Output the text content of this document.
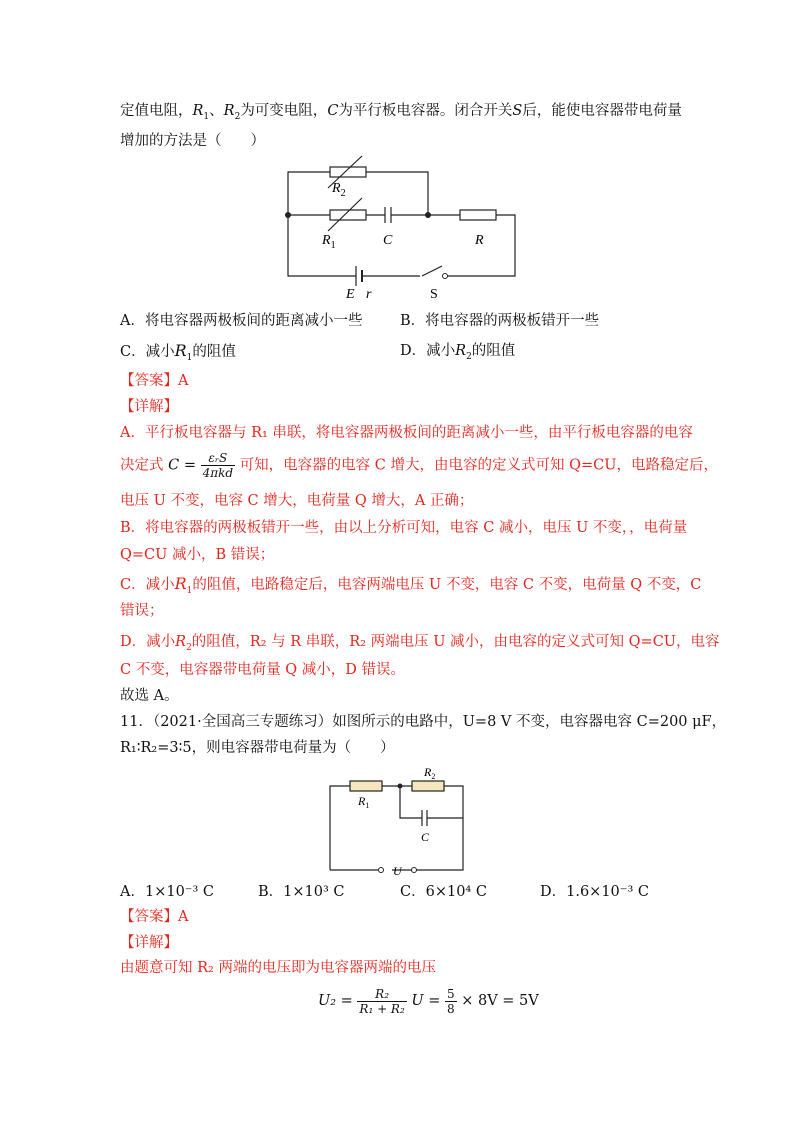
定值电阻，$R_1$、$R_2$为可变电阻，C为平行板电容器。闭合开关S后，能使电容器带电荷量
增加的方法是（　　）
$R_2$
$R_1$	C	R
E r	S
A．将电容器两极板间的距离减小一些	B．将电容器的两极板错开一些
C．减小$R_1$的阻值	D．减小$R_2$的阻值
【答案】A
【详解】
A．平行板电容器与 R₁ 串联，将电容器两极板间的距离减小一些，由平行板电容器的电容
决定式 $C = \frac{\text{εᵣS}}{\text{4πkd}}$ 可知，电容器的电容 C 增大，由电容的定义式可知 Q=CU，电路稳定后，
电压 U 不变，电容 C 增大，电荷量 Q 增大，A 正确；
B．将电容器的两极板错开一些，由以上分析可知，电容 C 减小，电压 U 不变，，电荷量
Q=CU 减小，B 错误；
C．减小$R_1$的阻值，电路稳定后，电容两端电压 U 不变，电容 C 不变，电荷量 Q 不变，C
错误；
D．减小$R_2$的阻值，R₂ 与 R 串联，R₂ 两端电压 U 减小，由电容的定义式可知 Q=CU，电容
C 不变，电容器带电荷量 Q 减小，D 错误。
故选 A。
11．（2021·全国高三专题练习）如图所示的电路中，U=8 V 不变，电容器电容 C=200 μF，
R₁∶R₂=3∶5，则电容器带电荷量为（　　）
$R_2$
$R_1$
C
U
A．1×10⁻³ C	B．1×10³ C	C．6×10⁴ C	D．1.6×10⁻³ C
【答案】A
【详解】
由题意可知 R₂ 两端的电压即为电容器两端的电压
$U_2 = \frac{\text{R₂}}{\text{R₁ + R₂}}$ $U = \frac{5}{8} \times 8V = 5V$
